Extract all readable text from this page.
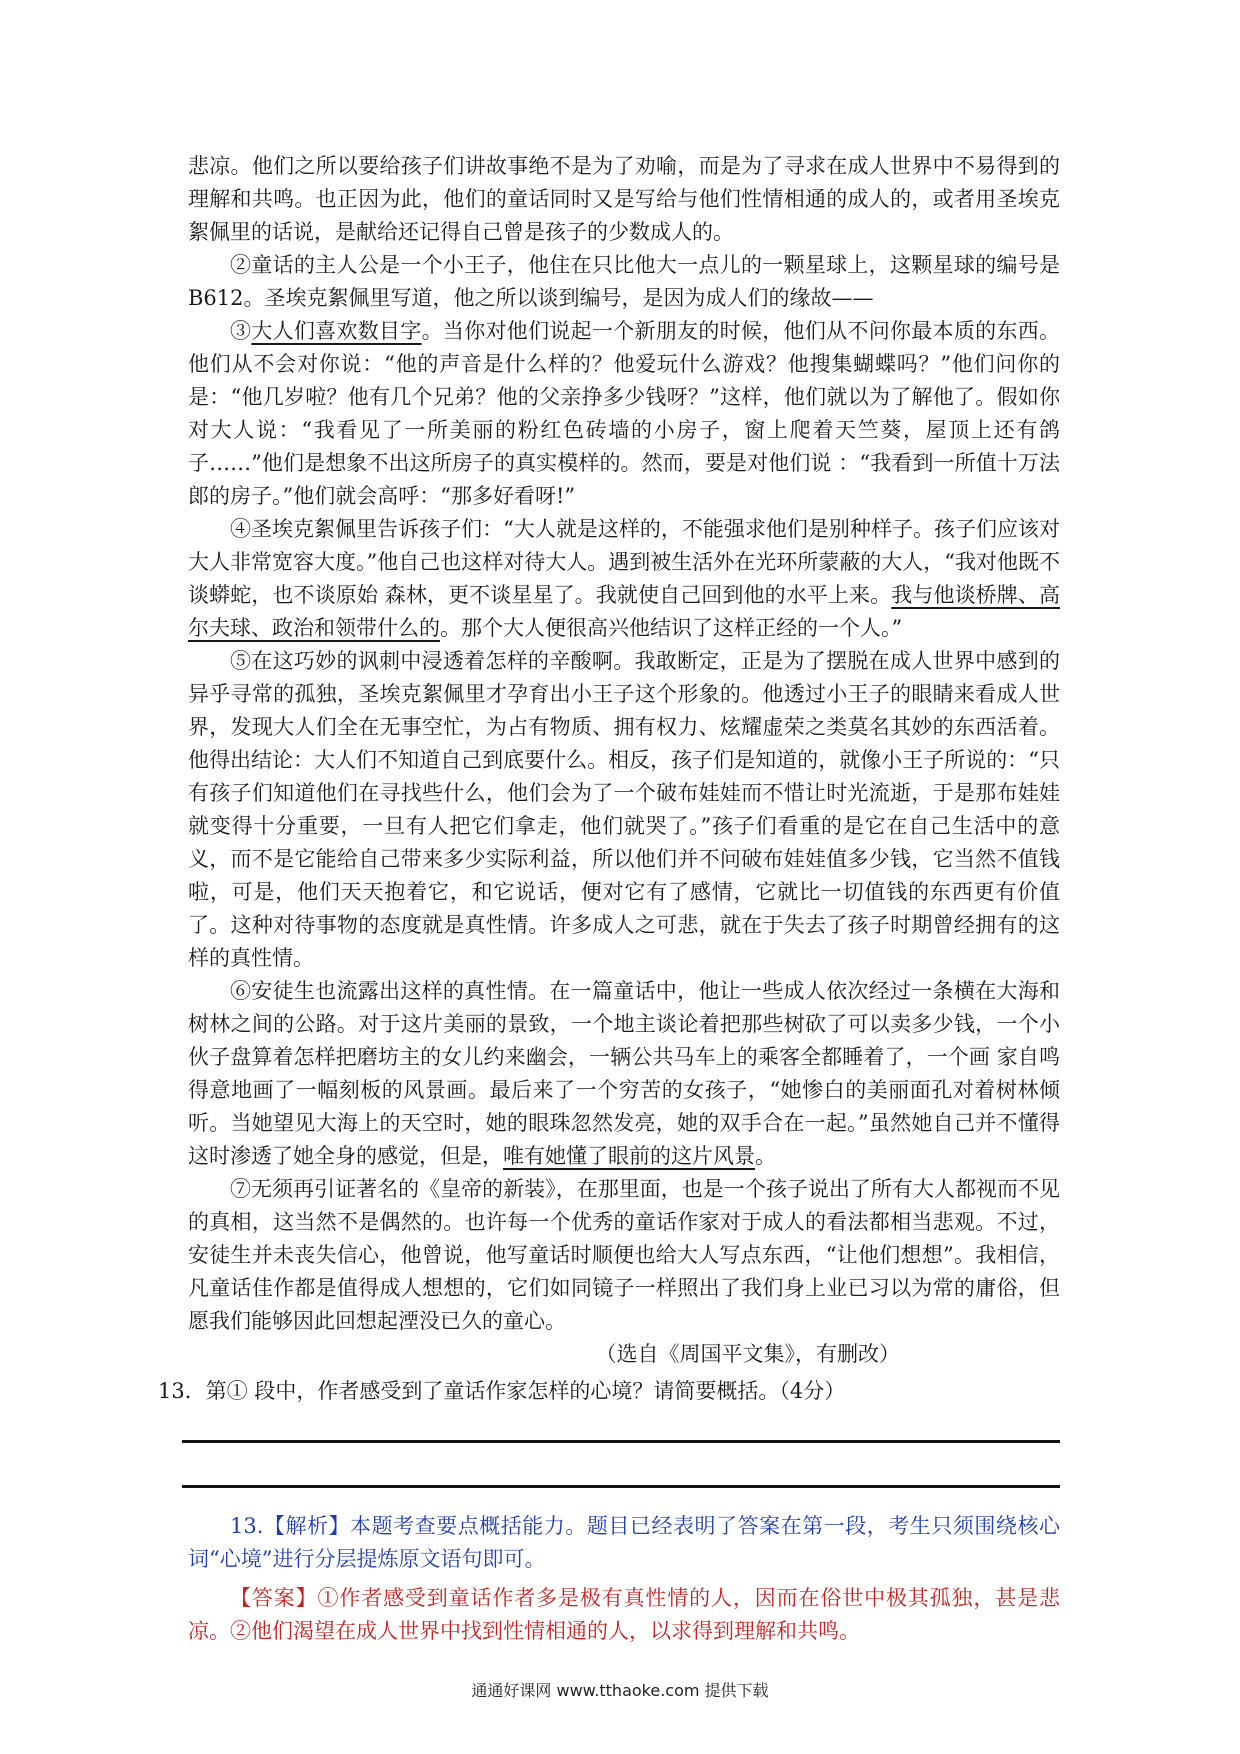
悲凉。他们之所以要给孩子们讲故事绝不是为了劝喻，而是为了寻求在成人世界中不易得到的理解和共鸣。也正因为此，他们的童话同时又是写给与他们性情相通的成人的，或者用圣埃克絮佩里的话说，是献给还记得自己曾是孩子的少数成人的。

②童话的主人公是一个小王子，他住在只比他大一点儿的一颗星球上，这颗星球的编号是B612。圣埃克絮佩里写道，他之所以谈到编号，是因为成人们的缘故——

③大人们喜欢数目字。当你对他们说起一个新朋友的时候，他们从不问你最本质的东西。他们从不会对你说：“他的声音是什么样的？他爱玩什么游戏？他搜集蝴蝶吗？”他们问你的是：“他几岁啦？他有几个兄弟？他的父亲挣多少钱呀？”这样，他们就以为了解他了。假如你对大人说：“我看见了一所美丽的粉红色砖墙的小房子，窗上爬着天竺葵，屋顶上还有鸽子……”他们是想象不出这所房子的真实模样的。然而，要是对他们说 ：“我看到一所值十万法郎的房子。”他们就会高呼：“那多好看呀!”

④圣埃克絮佩里告诉孩子们：“大人就是这样的，不能强求他们是别种样子。孩子们应该对大人非常宽容大度。”他自己也这样对待大人。遇到被生活外在光环所蒙蔽的大人，“我对他既不谈蟒蛇，也不谈原始 森林，更不谈星星了。我就使自己回到他的水平上来。我与他谈桥牌、高尔夫球、政治和领带什么的。那个大人便很高兴他结识了这样正经的一个人。”

⑤在这巧妙的讽刺中浸透着怎样的辛酸啊。我敢断定，正是为了摆脱在成人世界中感到的异乎寻常的孤独，圣埃克絮佩里才孕育出小王子这个形象的。他透过小王子的眼睛来看成人世界，发现大人们全在无事空忙，为占有物质、拥有权力、炫耀虚荣之类莫名其妙的东西活着。他得出结论：大人们不知道自己到底要什么。相反，孩子们是知道的，就像小王子所说的：“只有孩子们知道他们在寻找些什么，他们会为了一个破布娃娃而不惜让时光流逝，于是那布娃娃就变得十分重要，一旦有人把它们拿走，他们就哭了。”孩子们看重的是它在自己生活中的意义，而不是它能给自己带来多少实际利益，所以他们并不问破布娃娃值多少钱，它当然不值钱啦，可是，他们天天抱着它，和它说话，便对它有了感情，它就比一切值钱的东西更有价值了。这种对待事物的态度就是真性情。许多成人之可悲，就在于失去了孩子时期曾经拥有的这样的真性情。

⑥安徒生也流露出这样的真性情。在一篇童话中，他让一些成人依次经过一条横在大海和树林之间的公路。对于这片美丽的景致，一个地主谈论着把那些树砍了可以卖多少钱，一个小伙子盘算着怎样把磨坊主的女儿约来幽会，一辆公共马车上的乘客全都睡着了，一个画 家自鸣得意地画了一幅刻板的风景画。最后来了一个穷苦的女孩子，“她惨白的美丽面孔对着树林倾听。当她望见大海上的天空时，她的眼珠忽然发亮，她的双手合在一起。”虽然她自己并不懂得这时渗透了她全身的感觉，但是，唯有她懂了眼前的这片风景。

⑦无须再引证著名的《皇帝的新装》，在那里面，也是一个孩子说出了所有大人都视而不见的真相，这当然不是偶然的。也许每一个优秀的童话作家对于成人的看法都相当悲观。不过，安徒生并未丧失信心，他曾说，他写童话时顺便也给大人写点东西，“让他们想想”。我相信，凡童话佳作都是值得成人想想的，它们如同镜子一样照出了我们身上业已习以为常的庸俗，但愿我们能够因此回想起湮没已久的童心。

（选自《周国平文集》，有删改）
13．第① 段中，作者感受到了童话作家怎样的心境？请简要概括。（4分）

13.【解析】本题考查要点概括能力。题目已经表明了答案在第一段，考生只须围绕核心词“心境”进行分层提炼原文语句即可。

【答案】①作者感受到童话作者多是极有真性情的人，因而在俗世中极其孤独，甚是悲凉。②他们渴望在成人世界中找到性情相通的人，以求得到理解和共鸣。

通通好课网 www.tthaoke.com 提供下载
